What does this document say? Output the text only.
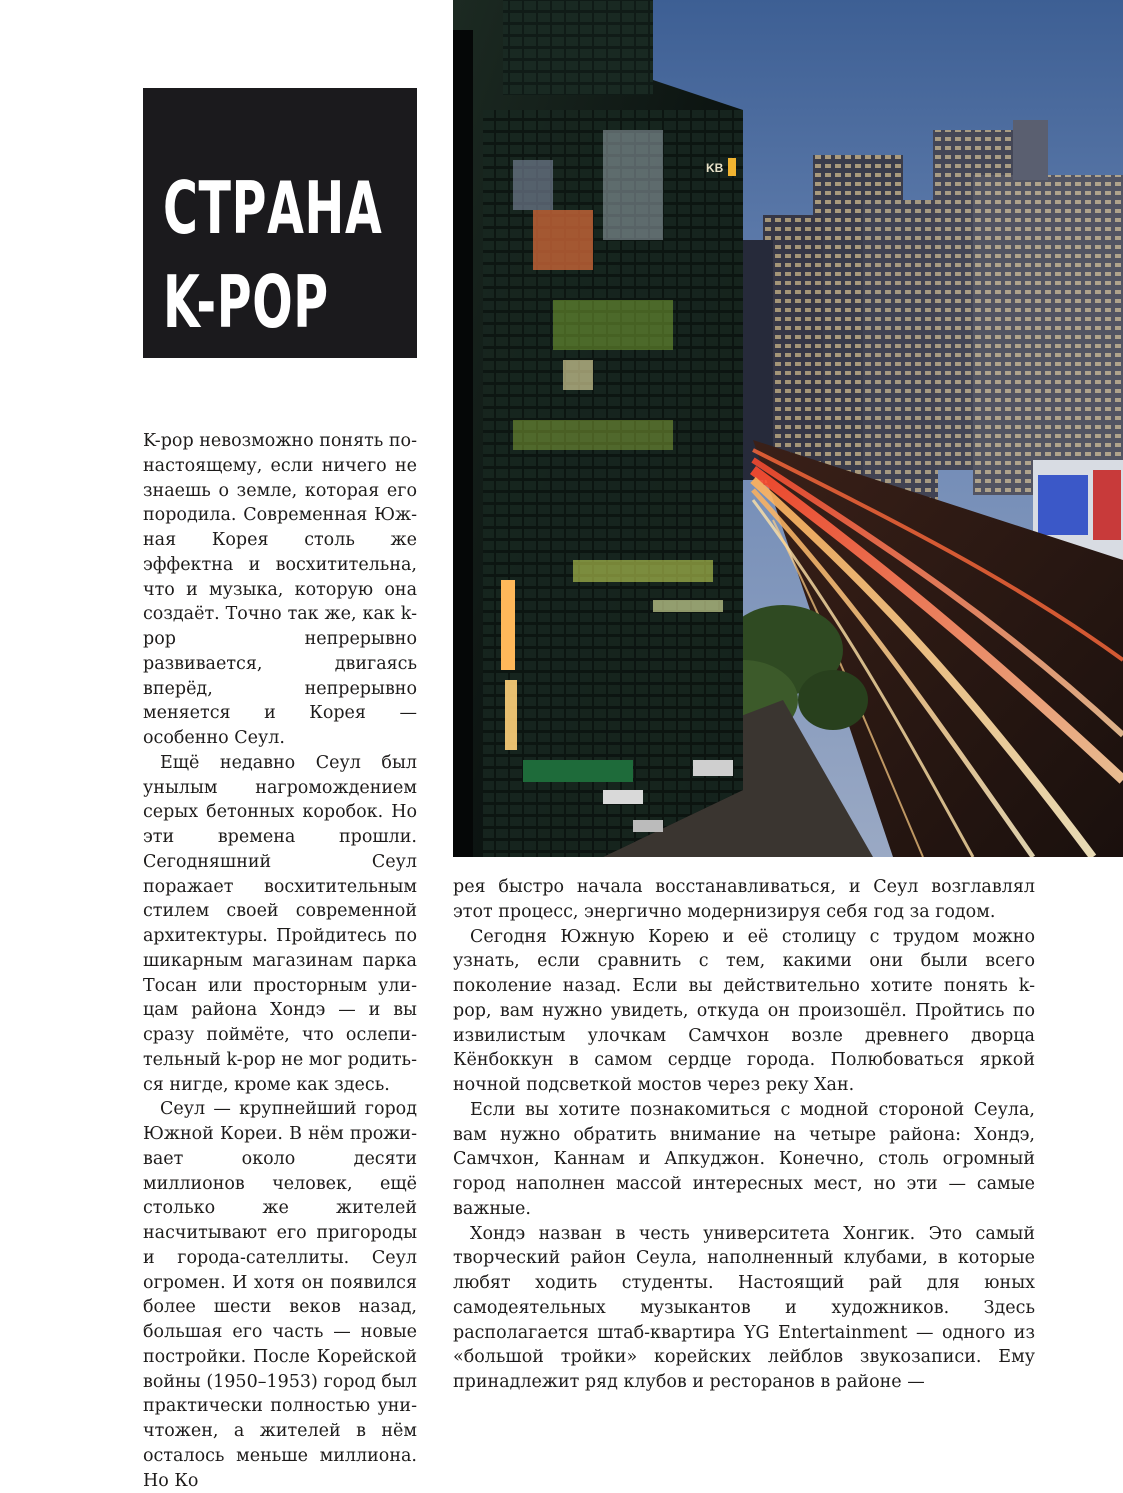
СТРАНА
K-POP
KB

K-pop невозможно понять по-настоящему, если ничего не знаешь о земле, которая его породила. Современная Южная Корея столь же эффектна и восхитительна, что и музыка, которую она создаёт. Точно так же, как k-pop непрерывно развивается, двигаясь вперёд, непрерывно меняется и Корея — особенно Сеул.

Ещё недавно Сеул был унылым нагромождением серых бетонных коробок. Но эти времена прошли. Сегодняшний Сеул поражает восхитительным стилем своей современной архитектуры. Пройдитесь по шикарным магазинам парка Тосан или просторным улицам района Хондэ — и вы сразу поймёте, что ослепительный k-pop не мог родиться нигде, кроме как здесь.

Сеул — крупнейший город Южной Кореи. В нём проживает около десяти миллионов человек, ещё столько же жителей насчитывают его пригороды и города-сателлиты. Сеул огромен. И хотя он появился более шести веков назад, большая его часть — новые постройки. После Корейской войны (1950–1953) город был практически полностью уничтожен, а жителей в нём осталось меньше миллиона. Но Ко

рея быстро начала восстанавливаться, и Сеул возглавлял этот процесс, энергично модернизируя себя год за годом.

Сегодня Южную Корею и её столицу с трудом можно узнать, если сравнить с тем, какими они были всего поколение назад. Если вы действительно хотите понять k-pop, вам нужно увидеть, откуда он произошёл. Пройтись по извилистым улочкам Самчхон возле древнего дворца Кёнбоккун в самом сердце города. Полюбоваться яркой ночной подсветкой мостов через реку Хан.

Если вы хотите познакомиться с модной стороной Сеула, вам нужно обратить внимание на четыре района: Хондэ, Самчхон, Каннам и Апкуджон. Конечно, столь огромный город наполнен массой интересных мест, но эти — самые важные.

Хондэ назван в честь университета Хонгик. Это самый творческий район Сеула, наполненный клубами, в которые любят ходить студенты. Настоящий рай для юных самодеятельных музыкантов и художников. Здесь располагается штаб-квартира YG Entertainment — одного из «большой тройки» корейских лейблов звукозаписи. Ему принадлежит ряд клубов и ресторанов в районе —
